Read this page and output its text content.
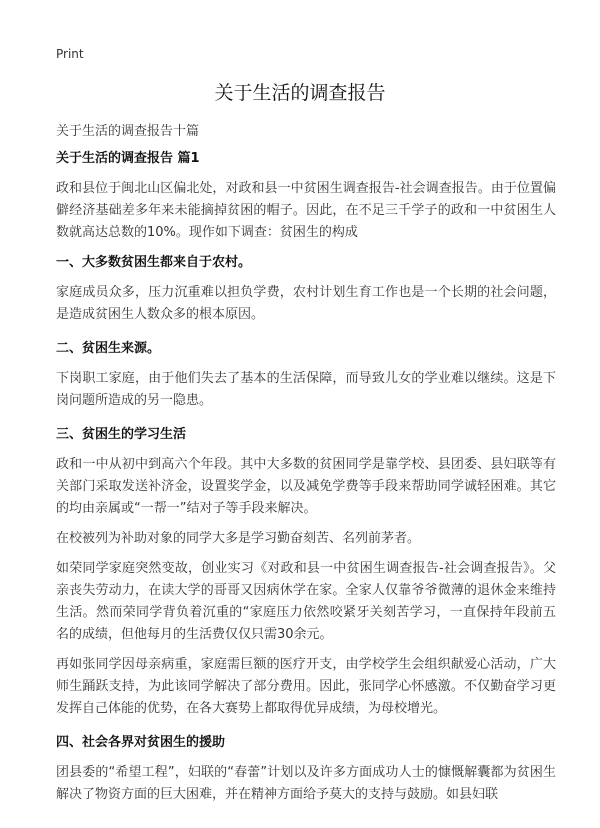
Print
关于生活的调查报告
关于生活的调查报告十篇
关于生活的调查报告 篇1

政和县位于闽北山区偏北处，对政和县一中贫困生调查报告-社会调查报告。由于位置偏僻经济基础差多年来未能摘掉贫困的帽子。因此，在不足三千学子的政和一中贫困生人数就高达总数的10%。现作如下调查：贫困生的构成

一、大多数贫困生都来自于农村。

家庭成员众多，压力沉重难以担负学费，农村计划生育工作也是一个长期的社会问题，是造成贫困生人数众多的根本原因。

二、贫困生来源。

下岗职工家庭，由于他们失去了基本的生活保障，而导致儿女的学业难以继续。这是下岗问题所造成的另一隐患。

三、贫困生的学习生活

政和一中从初中到高六个年段。其中大多数的贫困同学是靠学校、县团委、县妇联等有关部门采取发送补济金，设置奖学金，以及减免学费等手段来帮助同学诚轻困难。其它的均由亲属或“一帮一”结对子等手段来解决。

在校被列为补助对象的同学大多是学习勤奋刻苦、名列前茅者。

如荣同学家庭突然变故，创业实习《对政和县一中贫困生调查报告-社会调查报告》。父亲丧失劳动力，在读大学的哥哥又因病休学在家。全家人仅靠爷爷微薄的退休金来维持生活。然而荣同学背负着沉重的“家庭压力依然咬紧牙关刻苦学习，一直保持年段前五名的成绩，但他每月的生活费仅仅只需30余元。

再如张同学因母亲病重，家庭需巨额的医疗开支，由学校学生会组织献爱心活动，广大师生踊跃支持，为此该同学解决了部分费用。因此，张同学心怀感激。不仅勤奋学习更发挥自己体能的优势，在各大赛势上都取得优异成绩，为母校增光。

四、社会各界对贫困生的援助

团县委的“希望工程”，妇联的“春蕾”计划以及许多方面成功人士的慷慨解囊都为贫困生解决了物资方面的巨大困难，并在精神方面给予莫大的支持与鼓励。如县妇联
